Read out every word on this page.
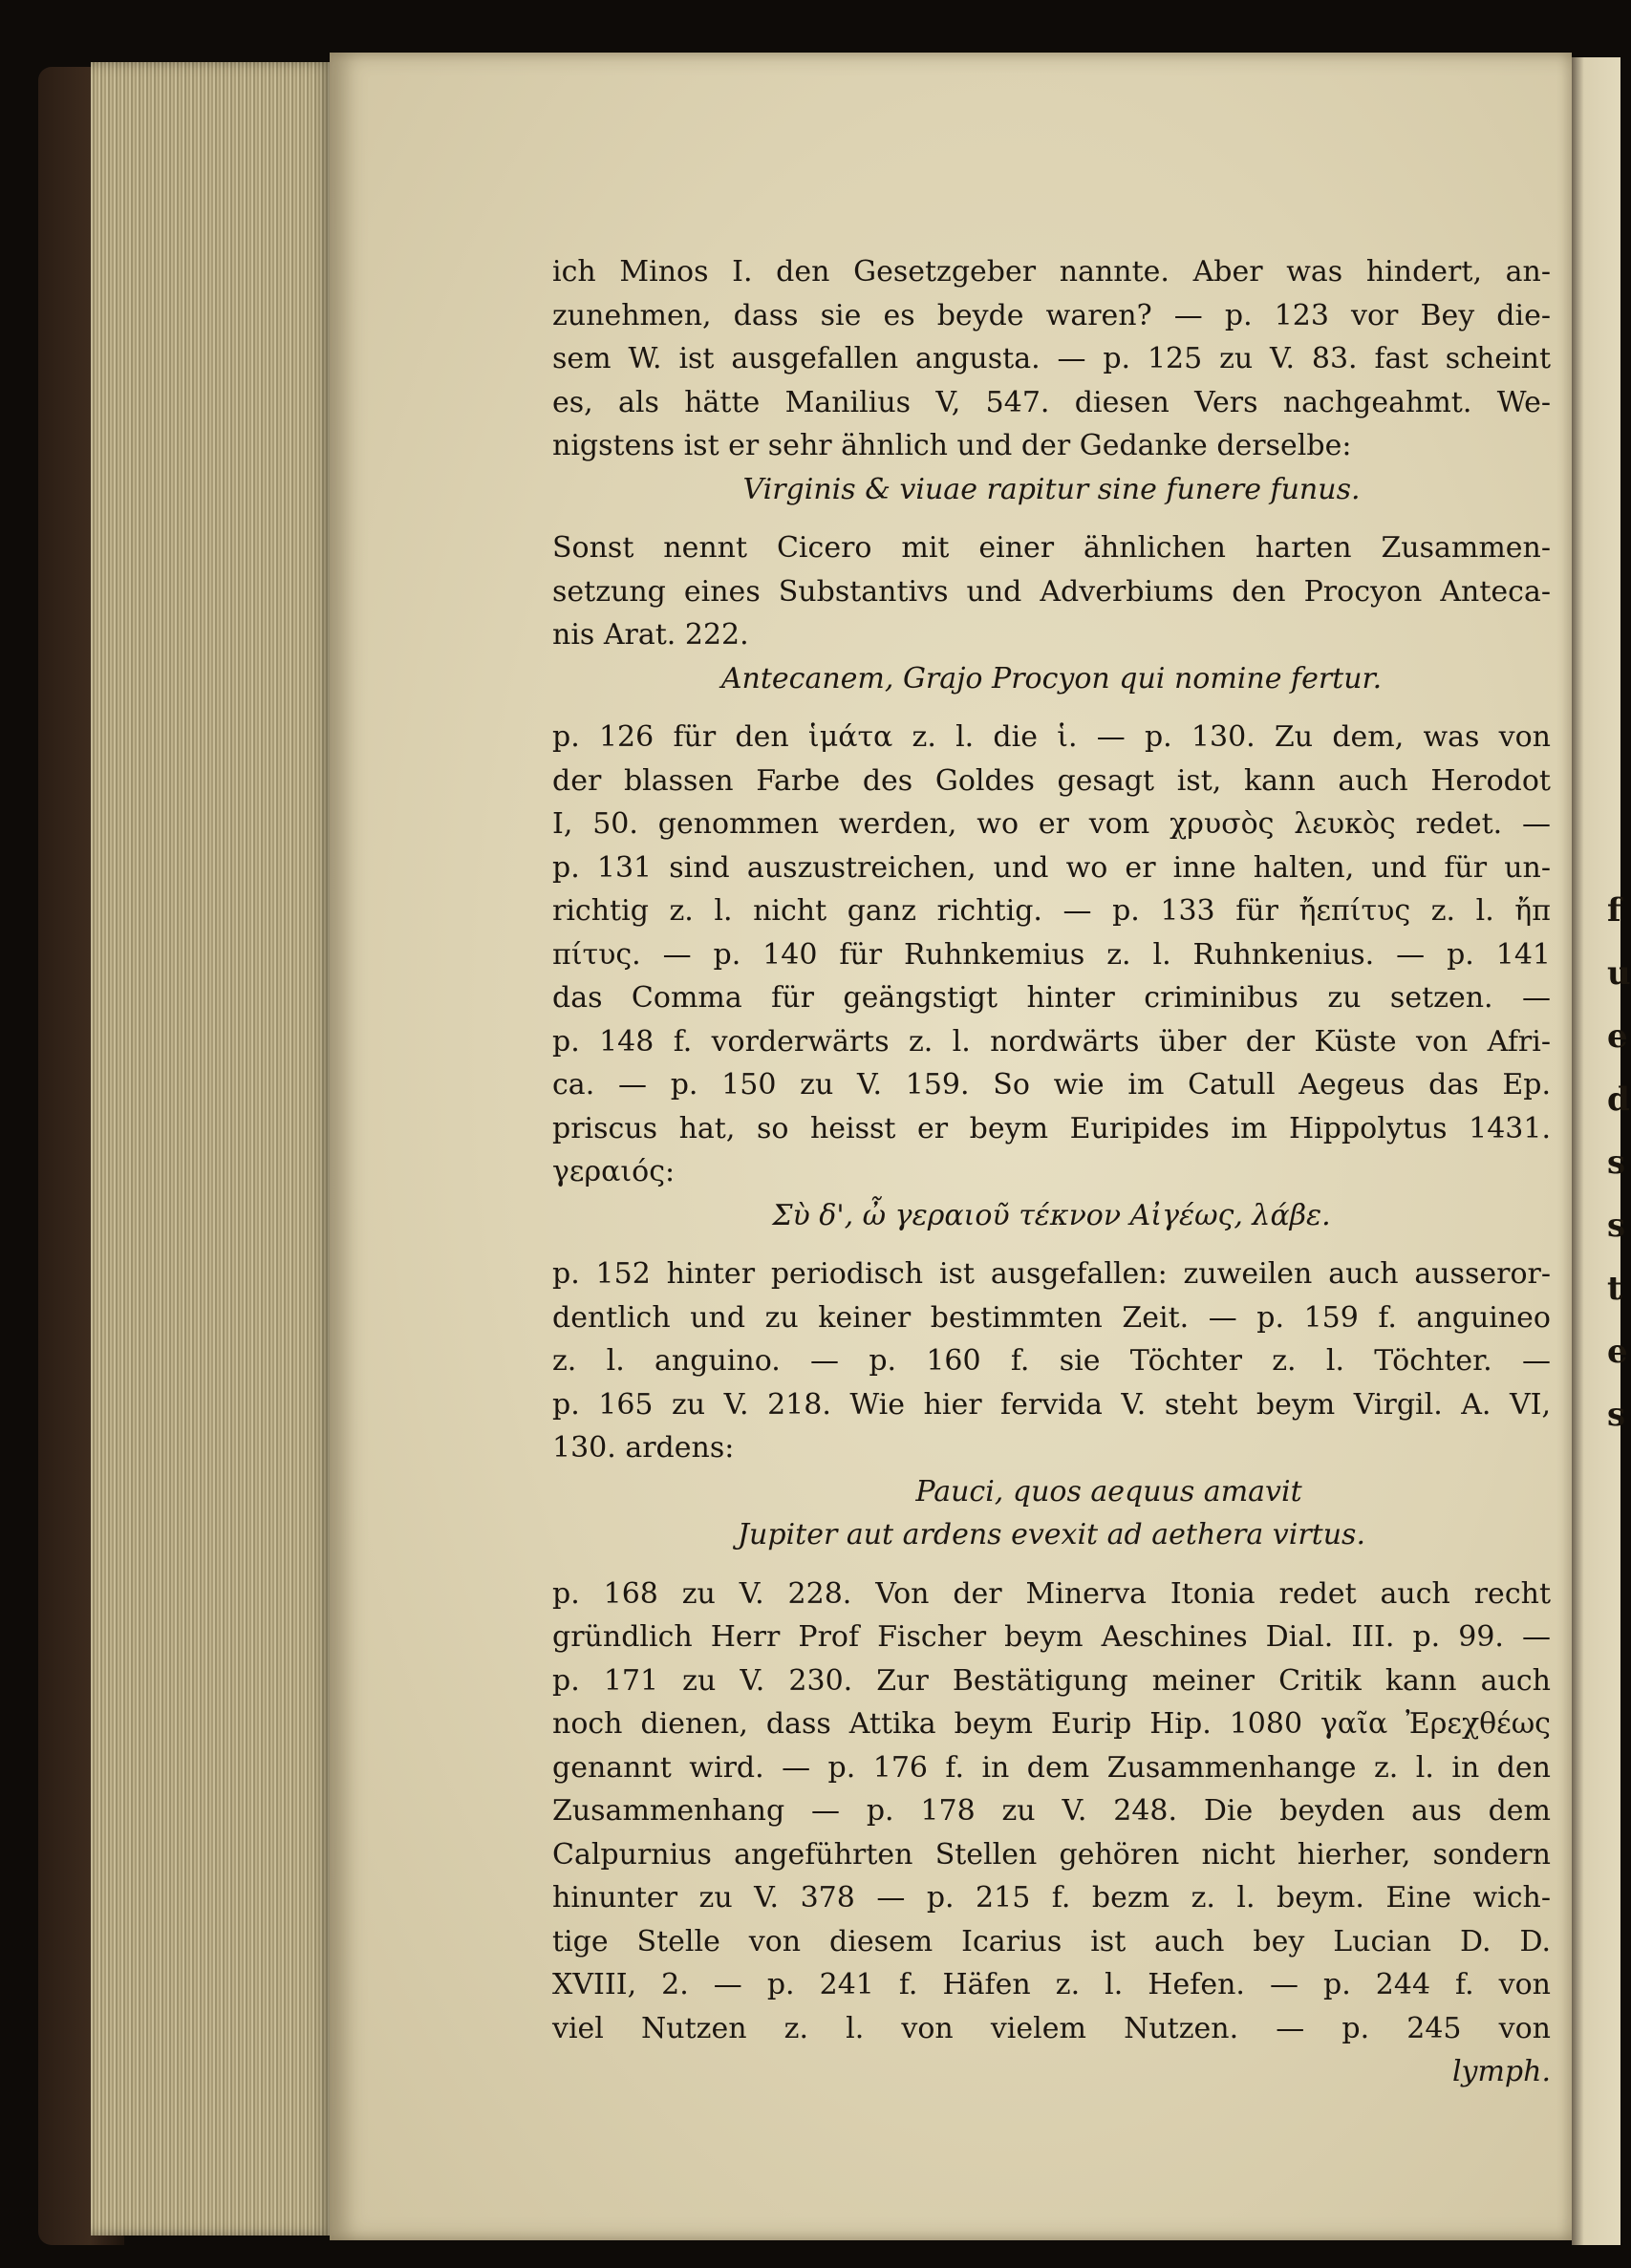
f u e d s s t e s
ich Minos I. den Gesetzgeber nannte. Aber was hindert, an-
zunehmen, dass sie es beyde waren? — p. 123 vor Bey die-
sem W. ist ausgefallen angusta. — p. 125 zu V. 83. fast scheint
es, als hätte Manilius V, 547. diesen Vers nachgeahmt. We-
nigstens ist er sehr ähnlich und der Gedanke derselbe:
Virginis & viuae rapitur sine funere funus.
Sonst nennt Cicero mit einer ähnlichen harten Zusammen-
setzung eines Substantivs und Adverbiums den Procyon Anteca-
nis Arat. 222.
Antecanem, Grajo Procyon qui nomine fertur.
p. 126 für den ἱμάτα z. l. die ἱ. — p. 130. Zu dem, was von
der blassen Farbe des Goldes gesagt ist, kann auch Herodot
I, 50. genommen werden, wo er vom χρυσὸς λευκὸς redet. —
p. 131 sind auszustreichen, und wo er inne halten, und für un-
richtig z. l. nicht ganz richtig. — p. 133 für ἤεπίτυς z. l. ἤπ
πίτυς. — p. 140 für Ruhnkemius z. l. Ruhnkenius. — p. 141
das Comma für geängstigt hinter criminibus zu setzen. —
p. 148 f. vorderwärts z. l. nordwärts über der Küste von Afri-
ca. — p. 150 zu V. 159. So wie im Catull Aegeus das Ep.
priscus hat, so heisst er beym Euripides im Hippolytus 1431.
γεραιός:
Σὺ δ', ὦ γεραιοῦ τέκνον Αἰγέως, λάβε.
p. 152 hinter periodisch ist ausgefallen: zuweilen auch ausseror-
dentlich und zu keiner bestimmten Zeit. — p. 159 f. anguineo
z. l. anguino. — p. 160 f. sie Töchter z. l. Töchter. —
p. 165 zu V. 218. Wie hier fervida V. steht beym Virgil. A. VI,
130. ardens:
Pauci, quos aequus amavit
Jupiter aut ardens evexit ad aethera virtus.
p. 168 zu V. 228. Von der Minerva Itonia redet auch recht
gründlich Herr Prof Fischer beym Aeschines Dial. III. p. 99. —
p. 171 zu V. 230. Zur Bestätigung meiner Critik kann auch
noch dienen, dass Attika beym Eurip Hip. 1080 γαῖα Ἐρεχθέως
genannt wird. — p. 176 f. in dem Zusammenhange z. l. in den
Zusammenhang — p. 178 zu V. 248. Die beyden aus dem
Calpurnius angeführten Stellen gehören nicht hierher, sondern
hinunter zu V. 378 — p. 215 f. bezm z. l. beym. Eine wich-
tige Stelle von diesem Icarius ist auch bey Lucian D. D.
XVIII, 2. — p. 241 f. Häfen z. l. Hefen. — p. 244 f. von
viel Nutzen z. l. von vielem Nutzen. — p. 245 von
lymph.
